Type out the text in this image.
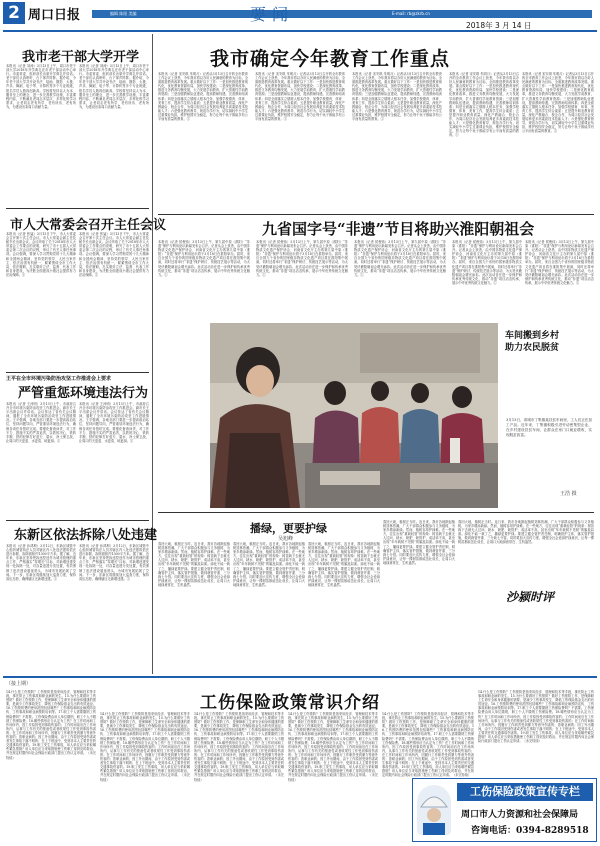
2 周口日报	编辑 陈阳 美编	E-mail: rb@zkrb.cn
要闻
2018年 3 月 14 日
我市老干部大学开学
本报讯（记者 刘涛）3月13日上午，周口市老干部大学2018年开学典礼在市老干部活动中心举行。市委常委、组织部长出席开学典礼并讲话。老干部们认真聆听，台下掌声阵阵。据介绍，今年老干部大学共开设书法、绘画、摄影、太极、声乐、舞蹈、电子琴、计算机等多个专业班级，报名学员人数再创新高。学校将坚持以人为本、服务至上的理念，进一步完善教学设施，丰富课程内容，不断满足老同志多层次、多样化的学习需求，让老同志老有所学、老有所乐、老有所为，为建设出彩周口贡献力量。
本报讯（记者 刘涛）3月13日上午，周口市老干部大学2018年开学典礼在市老干部活动中心举行。市委常委、组织部长出席开学典礼并讲话。老干部们认真聆听，台下掌声阵阵。据介绍，今年老干部大学共开设书法、绘画、摄影、太极、声乐、舞蹈、电子琴、计算机等多个专业班级，报名学员人数再创新高。学校将坚持以人为本、服务至上的理念，进一步完善教学设施，丰富课程内容，不断满足老同志多层次、多样化的学习需求，让老同志老有所学、老有所乐、老有所为，为建设出彩周口贡献力量。
市人大常委会召开主任会议
本报讯（记者 张猛）3月13日下午，市人大常委会召开第十次主任会议。市人大常委会副主任及秘书长出席会议。会议听取了关于2018年市人大常委会工作要点的说明，研究了市十五届人大常委会第二次会议的议程，审议了有关人事任免事项。会议强调，要深入学习贯彻党的十九大精神和全国两会精神，坚持党的领导、人民当家作主、依法治国有机统一，紧紧围绕全市工作大局，依法履职，扎实做好立法、监督、代表工作和自身建设，为决胜全面建成小康社会提供有力法治保障。①
本报讯（记者 张猛）3月13日下午，市人大常委会召开第十次主任会议。市人大常委会副主任及秘书长出席会议。会议听取了关于2018年市人大常委会工作要点的说明，研究了市十五届人大常委会第二次会议的议程，审议了有关人事任免事项。会议强调，要深入学习贯彻党的十九大精神和全国两会精神，坚持党的领导、人民当家作主、依法治国有机统一，紧紧围绕全市工作大局，依法履职，扎实做好立法、监督、代表工作和自身建设，为决胜全面建成小康社会提供有力法治保障。①
王平在全市环境污染防治攻坚工作推进会上要求
严管重惩环境违法行为
本报讯（记者 王河明）3月13日上午，市政府召开全市环境污染防治攻坚工作推进会。副市长王平出席会议并讲话。会议传达了省有关会议精神，通报了全市环境污染防治攻坚工作进展情况。王平强调，各地各部门要进一步提高政治站位，坚持问题导向，严管重惩环境违法行为，确保各项任务按时完成。要强化督查问责，对工作不力、措施不实的严肃追责，以铁的决心、铁的手腕、铁的纪律打好蓝天、碧水、净土保卫战，让周口的天更蓝、水更清、地更绿。①
本报讯（记者 王河明）3月13日上午，市政府召开全市环境污染防治攻坚工作推进会。副市长王平出席会议并讲话。会议传达了省有关会议精神，通报了全市环境污染防治攻坚工作进展情况。王平强调，各地各部门要进一步提高政治站位，坚持问题导向，严管重惩环境违法行为，确保各项任务按时完成。要强化督查问责，对工作不力、措施不实的严肃追责，以铁的决心、铁的手腕、铁的纪律打好蓝天、碧水、净土保卫战，让周口的天更蓝、水更清、地更绿。①
东新区依法拆除八处违建
本报讯（记者 孙鸿利）3月12日，东新区城管中心组织城管执法人员对辖区内八处违法建筑依法进行拆除，拆除面积约1300平方米。据了解，近年来，东新区坚持把拆违控违作为城市管理的重点工作，严格落实“零增长”目标，对新增违建发现一处拆除一处，对存量违建分类处置，有效遏制了违法建设蔓延势头，为城市发展拓展了空间。下一步，东新区将继续加大巡查力度，保持高压态势，确保辖区无新增违建。①
本报讯（记者 孙鸿利）3月12日，东新区城管中心组织城管执法人员对辖区内八处违法建筑依法进行拆除，拆除面积约1300平方米。据了解，近年来，东新区坚持把拆违控违作为城市管理的重点工作，严格落实“零增长”目标，对新增违建发现一处拆除一处，对存量违建分类处置，有效遏制了违法建设蔓延势头，为城市发展拓展了空间。下一步，东新区将继续加大巡查力度，保持高压态势，确保辖区无新增违建。①
我市确定今年教育工作重点
本报讯（记者 宋安琪 朱明月）记者从3月13日召开的全市教育工作会议上获悉，今年我市将以办好人民满意的教育为目标，全面推进教育改革发展。重点做好以下工作：一是加快推进教育现代化，优化教育资源布局，加快学校建设；二是深化教育改革，推进义务教育均衡发展，大力发展学前教育，扩大普惠性学前教育资源；三是加强教师队伍建设，提高教师待遇，完善教师培训体系；四是全面落实立德树人根本任务，加强学校德育、体育、美育工作，提高学生综合素质；五是提升职业教育质量，深化产教融合、校企合作，为周口经济社会发展培养更多高素质技术技能人才；六是强化教育督导，规范办学行为，切实减轻中小学生过重课业负担，维护校园安全稳定，努力让每个孩子都能享有公平而有质量的教育。①
本报讯（记者 宋安琪 朱明月）记者从3月13日召开的全市教育工作会议上获悉，今年我市将以办好人民满意的教育为目标，全面推进教育改革发展。重点做好以下工作：一是加快推进教育现代化，优化教育资源布局，加快学校建设；二是深化教育改革，推进义务教育均衡发展，大力发展学前教育，扩大普惠性学前教育资源；三是加强教师队伍建设，提高教师待遇，完善教师培训体系；四是全面落实立德树人根本任务，加强学校德育、体育、美育工作，提高学生综合素质；五是提升职业教育质量，深化产教融合、校企合作，为周口经济社会发展培养更多高素质技术技能人才；六是强化教育督导，规范办学行为，切实减轻中小学生过重课业负担，维护校园安全稳定，努力让每个孩子都能享有公平而有质量的教育。①
本报讯（记者 宋安琪 朱明月）记者从3月13日召开的全市教育工作会议上获悉，今年我市将以办好人民满意的教育为目标，全面推进教育改革发展。重点做好以下工作：一是加快推进教育现代化，优化教育资源布局，加快学校建设；二是深化教育改革，推进义务教育均衡发展，大力发展学前教育，扩大普惠性学前教育资源；三是加强教师队伍建设，提高教师待遇，完善教师培训体系；四是全面落实立德树人根本任务，加强学校德育、体育、美育工作，提高学生综合素质；五是提升职业教育质量，深化产教融合、校企合作，为周口经济社会发展培养更多高素质技术技能人才；六是强化教育督导，规范办学行为，切实减轻中小学生过重课业负担，维护校园安全稳定，努力让每个孩子都能享有公平而有质量的教育。①
本报讯（记者 宋安琪 朱明月）记者从3月13日召开的全市教育工作会议上获悉，今年我市将以办好人民满意的教育为目标，全面推进教育改革发展。重点做好以下工作：一是加快推进教育现代化，优化教育资源布局，加快学校建设；二是深化教育改革，推进义务教育均衡发展，大力发展学前教育，扩大普惠性学前教育资源；三是加强教师队伍建设，提高教师待遇，完善教师培训体系；四是全面落实立德树人根本任务，加强学校德育、体育、美育工作，提高学生综合素质；五是提升职业教育质量，深化产教融合、校企合作，为周口经济社会发展培养更多高素质技术技能人才；六是强化教育督导，规范办学行为，切实减轻中小学生过重课业负担，维护校园安全稳定，努力让每个孩子都能享有公平而有质量的教育。①
本报讯（记者 宋安琪 朱明月）记者从3月13日召开的全市教育工作会议上获悉，今年我市将以办好人民满意的教育为目标，全面推进教育改革发展。重点做好以下工作：一是加快推进教育现代化，优化教育资源布局，加快学校建设；二是深化教育改革，推进义务教育均衡发展，大力发展学前教育，扩大普惠性学前教育资源；三是加强教师队伍建设，提高教师待遇，完善教师培训体系；四是全面落实立德树人根本任务，加强学校德育、体育、美育工作，提高学生综合素质；五是提升职业教育质量，深化产教融合、校企合作，为周口经济社会发展培养更多高素质技术技能人才；六是强化教育督导，规范办学行为，切实减轻中小学生过重课业负担，维护校园安全稳定，努力让每个孩子都能享有公平而有质量的教育。①
九省国字号“非遗”节目将助兴淮阳朝祖会
本报讯（记者 侯俊伟）3月13日上午，第九届中原（淮阳）“非遗”保护与利用论坛新闻发布会召开。记者从会上获悉，由中国非物质文化遗产保护协会、河南省文化厅主办的第九届中原（淮阳）“非遗”保护与利用论坛将于3月18日在淮阳举办。届时，来自全国九个省份的国家级非物质文化遗产项目将在淮阳集中展演，同时还将举行“非遗”保护研讨、传统技艺展示等活动，为太昊伏羲陵朝祖会增光添彩。此次活动旨在进一步保护和传承优秀传统文化，推动“非遗”项目活态传承，展示中华优秀传统文化魅力。①
本报讯（记者 侯俊伟）3月13日上午，第九届中原（淮阳）“非遗”保护与利用论坛新闻发布会召开。记者从会上获悉，由中国非物质文化遗产保护协会、河南省文化厅主办的第九届中原（淮阳）“非遗”保护与利用论坛将于3月18日在淮阳举办。届时，来自全国九个省份的国家级非物质文化遗产项目将在淮阳集中展演，同时还将举行“非遗”保护研讨、传统技艺展示等活动，为太昊伏羲陵朝祖会增光添彩。此次活动旨在进一步保护和传承优秀传统文化，推动“非遗”项目活态传承，展示中华优秀传统文化魅力。①
本报讯（记者 侯俊伟）3月13日上午，第九届中原（淮阳）“非遗”保护与利用论坛新闻发布会召开。记者从会上获悉，由中国非物质文化遗产保护协会、河南省文化厅主办的第九届中原（淮阳）“非遗”保护与利用论坛将于3月18日在淮阳举办。届时，来自全国九个省份的国家级非物质文化遗产项目将在淮阳集中展演，同时还将举行“非遗”保护研讨、传统技艺展示等活动，为太昊伏羲陵朝祖会增光添彩。此次活动旨在进一步保护和传承优秀传统文化，推动“非遗”项目活态传承，展示中华优秀传统文化魅力。①
本报讯（记者 侯俊伟）3月13日上午，第九届中原（淮阳）“非遗”保护与利用论坛新闻发布会召开。记者从会上获悉，由中国非物质文化遗产保护协会、河南省文化厅主办的第九届中原（淮阳）“非遗”保护与利用论坛将于3月18日在淮阳举办。届时，来自全国九个省份的国家级非物质文化遗产项目将在淮阳集中展演，同时还将举行“非遗”保护研讨、传统技艺展示等活动，为太昊伏羲陵朝祖会增光添彩。此次活动旨在进一步保护和传承优秀传统文化，推动“非遗”项目活态传承，展示中华优秀传统文化魅力。①
本报讯（记者 侯俊伟）3月13日上午，第九届中原（淮阳）“非遗”保护与利用论坛新闻发布会召开。记者从会上获悉，由中国非物质文化遗产保护协会、河南省文化厅主办的第九届中原（淮阳）“非遗”保护与利用论坛将于3月18日在淮阳举办。届时，来自全国九个省份的国家级非物质文化遗产项目将在淮阳集中展演，同时还将举行“非遗”保护研讨、传统技艺展示等活动，为太昊伏羲陵朝祖会增光添彩。此次活动旨在进一步保护和传承优秀传统文化，推动“非遗”项目活态传承，展示中华优秀传统文化魅力。①
车间搬到乡村
助力农民脱贫
3月13日，项城市丁集镇某扶贫车间里，工人们正在加工产品。近年来，丁集镇积极引进劳动密集型企业，在乡村建设扶贫车间，让群众在家门口就业增收，实现脱贫致富。
王浩 摄
播绿，更要护绿
吴旭峰
春回大地，植树正当时。连日来，我市各地掀起植树造林热潮，广大干部群众积极参与义务植树，为家乡增添新绿。然而，植树容易护绿难。在一些地方，往往出现“重栽轻管”的现象：树苗栽下去就无人过问，缺水、缺肥、缺管护，成活率不高，甚至出现“年年栽树不见树”的尴尬局面。绿化不能一栽了之，播绿更要护绿。要建立健全管护责任制，明确管护主体，落实管护措施，做到栽管并重、三分栽七分管。同时要加大宣传力度，增强全社会爱绿护绿意识，让每一棵树苗都能茁壮成长，让周口大地绿意常在、生机盎然。
春回大地，植树正当时。连日来，我市各地掀起植树造林热潮，广大干部群众积极参与义务植树，为家乡增添新绿。然而，植树容易护绿难。在一些地方，往往出现“重栽轻管”的现象：树苗栽下去就无人过问，缺水、缺肥、缺管护，成活率不高，甚至出现“年年栽树不见树”的尴尬局面。绿化不能一栽了之，播绿更要护绿。要建立健全管护责任制，明确管护主体，落实管护措施，做到栽管并重、三分栽七分管。同时要加大宣传力度，增强全社会爱绿护绿意识，让每一棵树苗都能茁壮成长，让周口大地绿意常在、生机盎然。
春回大地，植树正当时。连日来，我市各地掀起植树造林热潮，广大干部群众积极参与义务植树，为家乡增添新绿。然而，植树容易护绿难。在一些地方，往往出现“重栽轻管”的现象：树苗栽下去就无人过问，缺水、缺肥、缺管护，成活率不高，甚至出现“年年栽树不见树”的尴尬局面。绿化不能一栽了之，播绿更要护绿。要建立健全管护责任制，明确管护主体，落实管护措施，做到栽管并重、三分栽七分管。同时要加大宣传力度，增强全社会爱绿护绿意识，让每一棵树苗都能茁壮成长，让周口大地绿意常在、生机盎然。
春回大地，植树正当时。连日来，我市各地掀起植树造林热潮，广大干部群众积极参与义务植树，为家乡增添新绿。然而，植树容易护绿难。在一些地方，往往出现“重栽轻管”的现象：树苗栽下去就无人过问，缺水、缺肥、缺管护，成活率不高，甚至出现“年年栽树不见树”的尴尬局面。绿化不能一栽了之，播绿更要护绿。要建立健全管护责任制，明确管护主体，落实管护措施，做到栽管并重、三分栽七分管。同时要加大宣传力度，增强全社会爱绿护绿意识，让每一棵树苗都能茁壮成长，让周口大地绿意常在、生机盎然。
春回大地，植树正当时。连日来，我市各地掀起植树造林热潮，广大干部群众积极参与义务植树，为家乡增添新绿。然而，植树容易护绿难。在一些地方，往往出现“重栽轻管”的现象：树苗栽下去就无人过问，缺水、缺肥、缺管护，成活率不高，甚至出现“年年栽树不见树”的尴尬局面。绿化不能一栽了之，播绿更要护绿。要建立健全管护责任制，明确管护主体，落实管护措施，做到栽管并重、三分栽七分管。同时要加大宣传力度，增强全社会爱绿护绿意识，让每一棵树苗都能茁壮成长，让周口大地绿意常在、生机盎然。
沙颍时评
工伤保险政策常识介绍
（接上期）
14.什么是工伤预防？工伤预防是指采用经济、管理和技术等手段，事先防止工伤事故和职业病的发生。15.为什么要做好工伤预防？做好工伤预防工作，是保障职工生命安全和身体健康的需要，是减少工伤事故发生、降低工伤保险基金支出的有效途径。16.工伤预防费的使用范围包括哪些？工伤事故和职业病预防宣传、工伤事故和职业病预防培训等。17.职工个人需要缴纳工伤保险费吗？不需要。工伤保险费由用人单位缴纳，职工个人不缴纳工伤保险费。18.哪些情形应当认定为工伤？在工作时间和工作场所内，因工作原因受到事故伤害的；工作时间前后在工作场所内，从事与工作有关的预备性或者收尾性工作受到事故伤害的；在工作时间和工作场所内，因履行工作职责受到暴力等意外伤害的；患职业病的；因工外出期间，由于工作原因受到伤害或者发生事故下落不明的；在上下班途中，受到非本人主要责任的交通事故伤害的。19.职工发生工伤事故，用人单位应当采取哪些紧急措施？用人单位应当采取措施使工伤职工得到及时救治，并在规定时限内向社会保险行政部门提出工伤认定申请。（未完待续）
14.什么是工伤预防？工伤预防是指采用经济、管理和技术等手段，事先防止工伤事故和职业病的发生。15.为什么要做好工伤预防？做好工伤预防工作，是保障职工生命安全和身体健康的需要，是减少工伤事故发生、降低工伤保险基金支出的有效途径。16.工伤预防费的使用范围包括哪些？工伤事故和职业病预防宣传、工伤事故和职业病预防培训等。17.职工个人需要缴纳工伤保险费吗？不需要。工伤保险费由用人单位缴纳，职工个人不缴纳工伤保险费。18.哪些情形应当认定为工伤？在工作时间和工作场所内，因工作原因受到事故伤害的；工作时间前后在工作场所内，从事与工作有关的预备性或者收尾性工作受到事故伤害的；在工作时间和工作场所内，因履行工作职责受到暴力等意外伤害的；患职业病的；因工外出期间，由于工作原因受到伤害或者发生事故下落不明的；在上下班途中，受到非本人主要责任的交通事故伤害的。19.职工发生工伤事故，用人单位应当采取哪些紧急措施？用人单位应当采取措施使工伤职工得到及时救治，并在规定时限内向社会保险行政部门提出工伤认定申请。（未完待续）
14.什么是工伤预防？工伤预防是指采用经济、管理和技术等手段，事先防止工伤事故和职业病的发生。15.为什么要做好工伤预防？做好工伤预防工作，是保障职工生命安全和身体健康的需要，是减少工伤事故发生、降低工伤保险基金支出的有效途径。16.工伤预防费的使用范围包括哪些？工伤事故和职业病预防宣传、工伤事故和职业病预防培训等。17.职工个人需要缴纳工伤保险费吗？不需要。工伤保险费由用人单位缴纳，职工个人不缴纳工伤保险费。18.哪些情形应当认定为工伤？在工作时间和工作场所内，因工作原因受到事故伤害的；工作时间前后在工作场所内，从事与工作有关的预备性或者收尾性工作受到事故伤害的；在工作时间和工作场所内，因履行工作职责受到暴力等意外伤害的；患职业病的；因工外出期间，由于工作原因受到伤害或者发生事故下落不明的；在上下班途中，受到非本人主要责任的交通事故伤害的。19.职工发生工伤事故，用人单位应当采取哪些紧急措施？用人单位应当采取措施使工伤职工得到及时救治，并在规定时限内向社会保险行政部门提出工伤认定申请。（未完待续）
14.什么是工伤预防？工伤预防是指采用经济、管理和技术等手段，事先防止工伤事故和职业病的发生。15.为什么要做好工伤预防？做好工伤预防工作，是保障职工生命安全和身体健康的需要，是减少工伤事故发生、降低工伤保险基金支出的有效途径。16.工伤预防费的使用范围包括哪些？工伤事故和职业病预防宣传、工伤事故和职业病预防培训等。17.职工个人需要缴纳工伤保险费吗？不需要。工伤保险费由用人单位缴纳，职工个人不缴纳工伤保险费。18.哪些情形应当认定为工伤？在工作时间和工作场所内，因工作原因受到事故伤害的；工作时间前后在工作场所内，从事与工作有关的预备性或者收尾性工作受到事故伤害的；在工作时间和工作场所内，因履行工作职责受到暴力等意外伤害的；患职业病的；因工外出期间，由于工作原因受到伤害或者发生事故下落不明的；在上下班途中，受到非本人主要责任的交通事故伤害的。19.职工发生工伤事故，用人单位应当采取哪些紧急措施？用人单位应当采取措施使工伤职工得到及时救治，并在规定时限内向社会保险行政部门提出工伤认定申请。（未完待续）
14.什么是工伤预防？工伤预防是指采用经济、管理和技术等手段，事先防止工伤事故和职业病的发生。15.为什么要做好工伤预防？做好工伤预防工作，是保障职工生命安全和身体健康的需要，是减少工伤事故发生、降低工伤保险基金支出的有效途径。16.工伤预防费的使用范围包括哪些？工伤事故和职业病预防宣传、工伤事故和职业病预防培训等。17.职工个人需要缴纳工伤保险费吗？不需要。工伤保险费由用人单位缴纳，职工个人不缴纳工伤保险费。18.哪些情形应当认定为工伤？在工作时间和工作场所内，因工作原因受到事故伤害的；工作时间前后在工作场所内，从事与工作有关的预备性或者收尾性工作受到事故伤害的；在工作时间和工作场所内，因履行工作职责受到暴力等意外伤害的；患职业病的；因工外出期间，由于工作原因受到伤害或者发生事故下落不明的；在上下班途中，受到非本人主要责任的交通事故伤害的。19.职工发生工伤事故，用人单位应当采取哪些紧急措施？用人单位应当采取措施使工伤职工得到及时救治，并在规定时限内向社会保险行政部门提出工伤认定申请。（未完待续）
14.什么是工伤预防？工伤预防是指采用经济、管理和技术等手段，事先防止工伤事故和职业病的发生。15.为什么要做好工伤预防？做好工伤预防工作，是保障职工生命安全和身体健康的需要，是减少工伤事故发生、降低工伤保险基金支出的有效途径。16.工伤预防费的使用范围包括哪些？工伤事故和职业病预防宣传、工伤事故和职业病预防培训等。17.职工个人需要缴纳工伤保险费吗？不需要。工伤保险费由用人单位缴纳，职工个人不缴纳工伤保险费。18.哪些情形应当认定为工伤？在工作时间和工作场所内，因工作原因受到事故伤害的；工作时间前后在工作场所内，从事与工作有关的预备性或者收尾性工作受到事故伤害的；在工作时间和工作场所内，因履行工作职责受到暴力等意外伤害的；患职业病的；因工外出期间，由于工作原因受到伤害或者发生事故下落不明的；在上下班途中，受到非本人主要责任的交通事故伤害的。19.职工发生工伤事故，用人单位应当采取哪些紧急措施？用人单位应当采取措施使工伤职工得到及时救治，并在规定时限内向社会保险行政部门提出工伤认定申请。（未完待续）
工伤保险政策宣传专栏
周口市人力资源和社会保障局
咨询电话：0394-8289518
